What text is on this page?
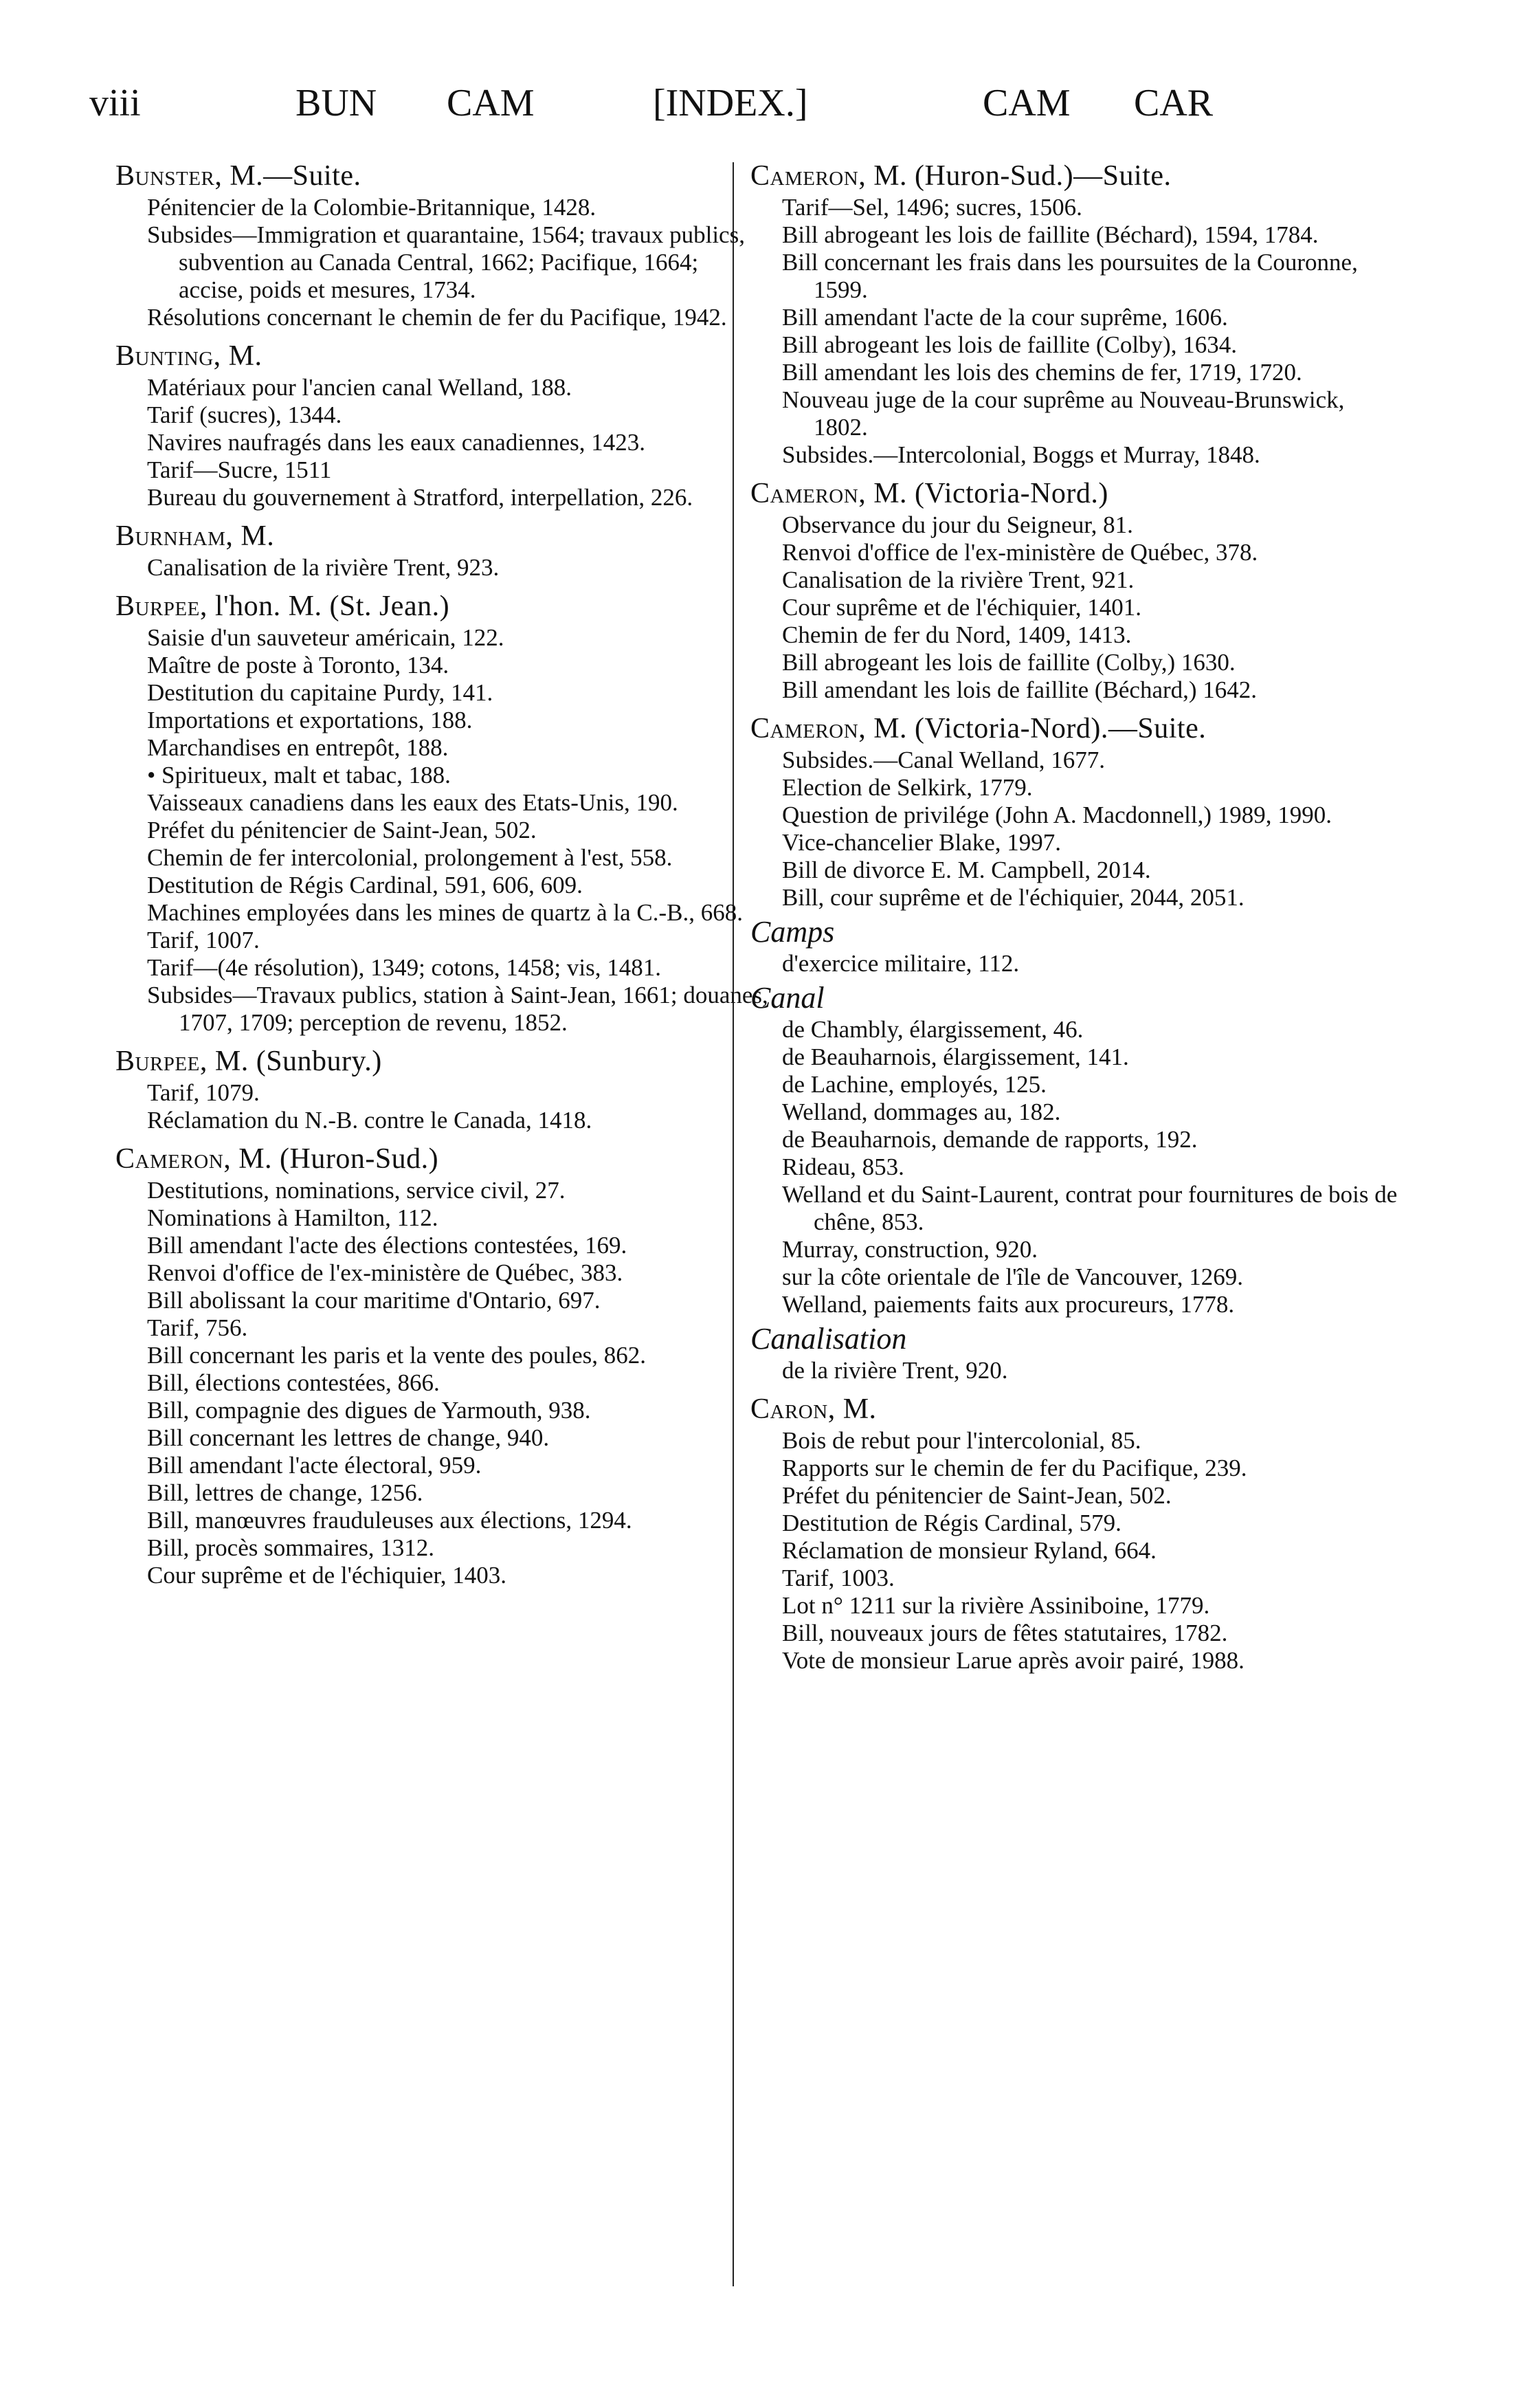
viii	BUN CAM	[INDEX.]	CAM CAR
Bunster, M.—Suite.
Pénitencier de la Colombie-Britannique, 1428.
Subsides—Immigration et quarantaine, 1564; travaux publics, subvention au Canada Central, 1662; Pacifique, 1664; accise, poids et mesures, 1734.
Résolutions concernant le chemin de fer du Pacifique, 1942.
Bunting, M.
Matériaux pour l'ancien canal Welland, 188.
Tarif (sucres), 1344.
Navires naufragés dans les eaux canadiennes, 1423.
Tarif—Sucre, 1511
Bureau du gouvernement à Stratford, interpellation, 226.
Burnham, M.
Canalisation de la rivière Trent, 923.
Burpee, l'hon. M. (St. Jean.)
Saisie d'un sauveteur américain, 122.
Maître de poste à Toronto, 134.
Destitution du capitaine Purdy, 141.
Importations et exportations, 188.
Marchandises en entrepôt, 188.
• Spiritueux, malt et tabac, 188.
Vaisseaux canadiens dans les eaux des Etats-Unis, 190.
Préfet du pénitencier de Saint-Jean, 502.
Chemin de fer intercolonial, prolongement à l'est, 558.
Destitution de Régis Cardinal, 591, 606, 609.
Machines employées dans les mines de quartz à la C.-B., 668.
Tarif, 1007.
Tarif—(4e résolution), 1349; cotons, 1458; vis, 1481.
Subsides—Travaux publics, station à Saint-Jean, 1661; douanes, 1707, 1709; perception de revenu, 1852.
Burpee, M. (Sunbury.)
Tarif, 1079.
Réclamation du N.-B. contre le Canada, 1418.
Cameron, M. (Huron-Sud.)
Destitutions, nominations, service civil, 27.
Nominations à Hamilton, 112.
Bill amendant l'acte des élections contestées, 169.
Renvoi d'office de l'ex-ministère de Québec, 383.
Bill abolissant la cour maritime d'Ontario, 697.
Tarif, 756.
Bill concernant les paris et la vente des poules, 862.
Bill, élections contestées, 866.
Bill, compagnie des digues de Yarmouth, 938.
Bill concernant les lettres de change, 940.
Bill amendant l'acte électoral, 959.
Bill, lettres de change, 1256.
Bill, manœuvres frauduleuses aux élections, 1294.
Bill, procès sommaires, 1312.
Cour suprême et de l'échiquier, 1403.
Cameron, M. (Huron-Sud.)—Suite.
Tarif—Sel, 1496; sucres, 1506.
Bill abrogeant les lois de faillite (Béchard), 1594, 1784.
Bill concernant les frais dans les poursuites de la Couronne, 1599.
Bill amendant l'acte de la cour suprême, 1606.
Bill abrogeant les lois de faillite (Colby), 1634.
Bill amendant les lois des chemins de fer, 1719, 1720.
Nouveau juge de la cour suprême au Nouveau-Brunswick, 1802.
Subsides.—Intercolonial, Boggs et Murray, 1848.
Cameron, M. (Victoria-Nord.)
Observance du jour du Seigneur, 81.
Renvoi d'office de l'ex-ministère de Québec, 378.
Canalisation de la rivière Trent, 921.
Cour suprême et de l'échiquier, 1401.
Chemin de fer du Nord, 1409, 1413.
Bill abrogeant les lois de faillite (Colby,) 1630.
Bill amendant les lois de faillite (Béchard,) 1642.
Cameron, M. (Victoria-Nord).—Suite.
Subsides.—Canal Welland, 1677.
Election de Selkirk, 1779.
Question de privilége (John A. Macdonnell,) 1989, 1990.
Vice-chancelier Blake, 1997.
Bill de divorce E. M. Campbell, 2014.
Bill, cour suprême et de l'échiquier, 2044, 2051.
Camps
d'exercice militaire, 112.
Canal
de Chambly, élargissement, 46.
de Beauharnois, élargissement, 141.
de Lachine, employés, 125.
Welland, dommages au, 182.
de Beauharnois, demande de rapports, 192.
Rideau, 853.
Welland et du Saint-Laurent, contrat pour fournitures de bois de chêne, 853.
Murray, construction, 920.
sur la côte orientale de l'île de Vancouver, 1269.
Welland, paiements faits aux procureurs, 1778.
Canalisation
de la rivière Trent, 920.
Caron, M.
Bois de rebut pour l'intercolonial, 85.
Rapports sur le chemin de fer du Pacifique, 239.
Préfet du pénitencier de Saint-Jean, 502.
Destitution de Régis Cardinal, 579.
Réclamation de monsieur Ryland, 664.
Tarif, 1003.
Lot n° 1211 sur la rivière Assiniboine, 1779.
Bill, nouveaux jours de fêtes statutaires, 1782.
Vote de monsieur Larue après avoir pairé, 1988.
